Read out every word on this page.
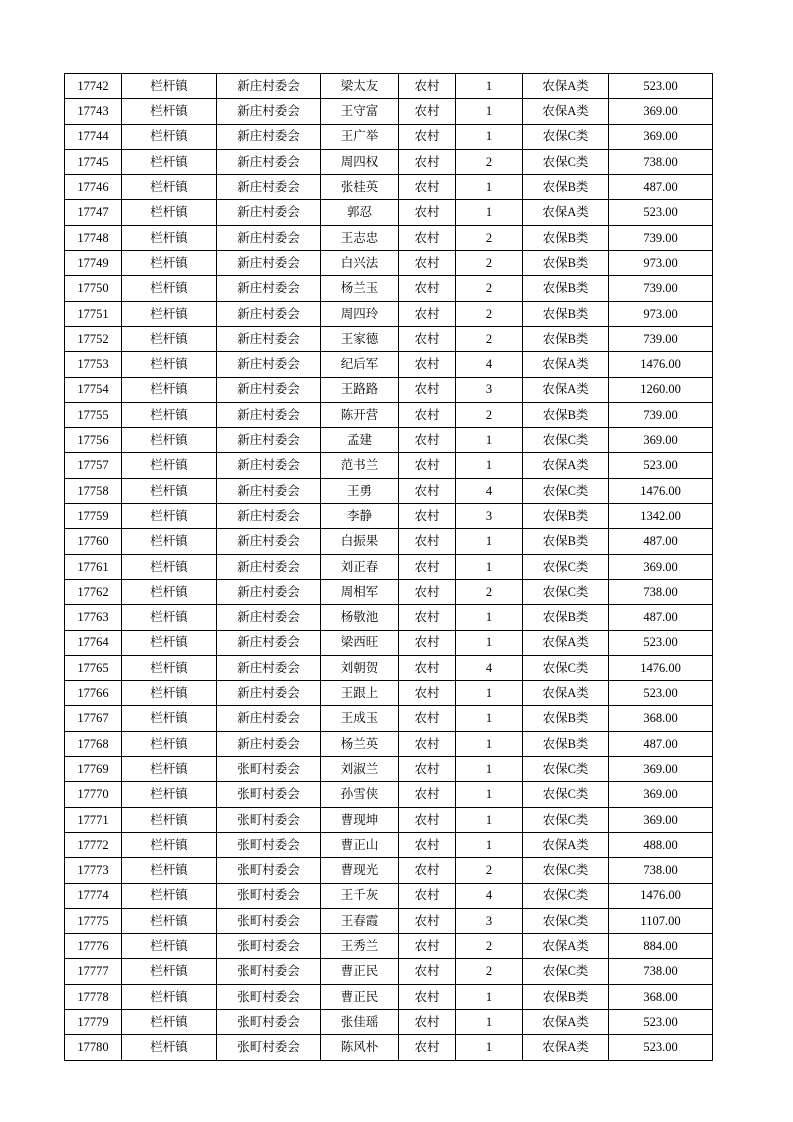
17742	栏杆镇	新庄村委会	梁太友	农村	1	农保A类	523.00
17743	栏杆镇	新庄村委会	王守富	农村	1	农保A类	369.00
17744	栏杆镇	新庄村委会	王广举	农村	1	农保C类	369.00
17745	栏杆镇	新庄村委会	周四权	农村	2	农保C类	738.00
17746	栏杆镇	新庄村委会	张桂英	农村	1	农保B类	487.00
17747	栏杆镇	新庄村委会	郭忍	农村	1	农保A类	523.00
17748	栏杆镇	新庄村委会	王志忠	农村	2	农保B类	739.00
17749	栏杆镇	新庄村委会	白兴法	农村	2	农保B类	973.00
17750	栏杆镇	新庄村委会	杨兰玉	农村	2	农保B类	739.00
17751	栏杆镇	新庄村委会	周四玲	农村	2	农保B类	973.00
17752	栏杆镇	新庄村委会	王家德	农村	2	农保B类	739.00
17753	栏杆镇	新庄村委会	纪后军	农村	4	农保A类	1476.00
17754	栏杆镇	新庄村委会	王路路	农村	3	农保A类	1260.00
17755	栏杆镇	新庄村委会	陈开营	农村	2	农保B类	739.00
17756	栏杆镇	新庄村委会	孟建	农村	1	农保C类	369.00
17757	栏杆镇	新庄村委会	范书兰	农村	1	农保A类	523.00
17758	栏杆镇	新庄村委会	王勇	农村	4	农保C类	1476.00
17759	栏杆镇	新庄村委会	李静	农村	3	农保B类	1342.00
17760	栏杆镇	新庄村委会	白振果	农村	1	农保B类	487.00
17761	栏杆镇	新庄村委会	刘正春	农村	1	农保C类	369.00
17762	栏杆镇	新庄村委会	周相军	农村	2	农保C类	738.00
17763	栏杆镇	新庄村委会	杨敬池	农村	1	农保B类	487.00
17764	栏杆镇	新庄村委会	梁西旺	农村	1	农保A类	523.00
17765	栏杆镇	新庄村委会	刘朝贺	农村	4	农保C类	1476.00
17766	栏杆镇	新庄村委会	王跟上	农村	1	农保A类	523.00
17767	栏杆镇	新庄村委会	王成玉	农村	1	农保B类	368.00
17768	栏杆镇	新庄村委会	杨兰英	农村	1	农保B类	487.00
17769	栏杆镇	张町村委会	刘淑兰	农村	1	农保C类	369.00
17770	栏杆镇	张町村委会	孙雪侠	农村	1	农保C类	369.00
17771	栏杆镇	张町村委会	曹现坤	农村	1	农保C类	369.00
17772	栏杆镇	张町村委会	曹正山	农村	1	农保A类	488.00
17773	栏杆镇	张町村委会	曹现光	农村	2	农保C类	738.00
17774	栏杆镇	张町村委会	王千灰	农村	4	农保C类	1476.00
17775	栏杆镇	张町村委会	王春霞	农村	3	农保C类	1107.00
17776	栏杆镇	张町村委会	王秀兰	农村	2	农保A类	884.00
17777	栏杆镇	张町村委会	曹正民	农村	2	农保C类	738.00
17778	栏杆镇	张町村委会	曹正民	农村	1	农保B类	368.00
17779	栏杆镇	张町村委会	张佳瑶	农村	1	农保A类	523.00
17780	栏杆镇	张町村委会	陈风朴	农村	1	农保A类	523.00
